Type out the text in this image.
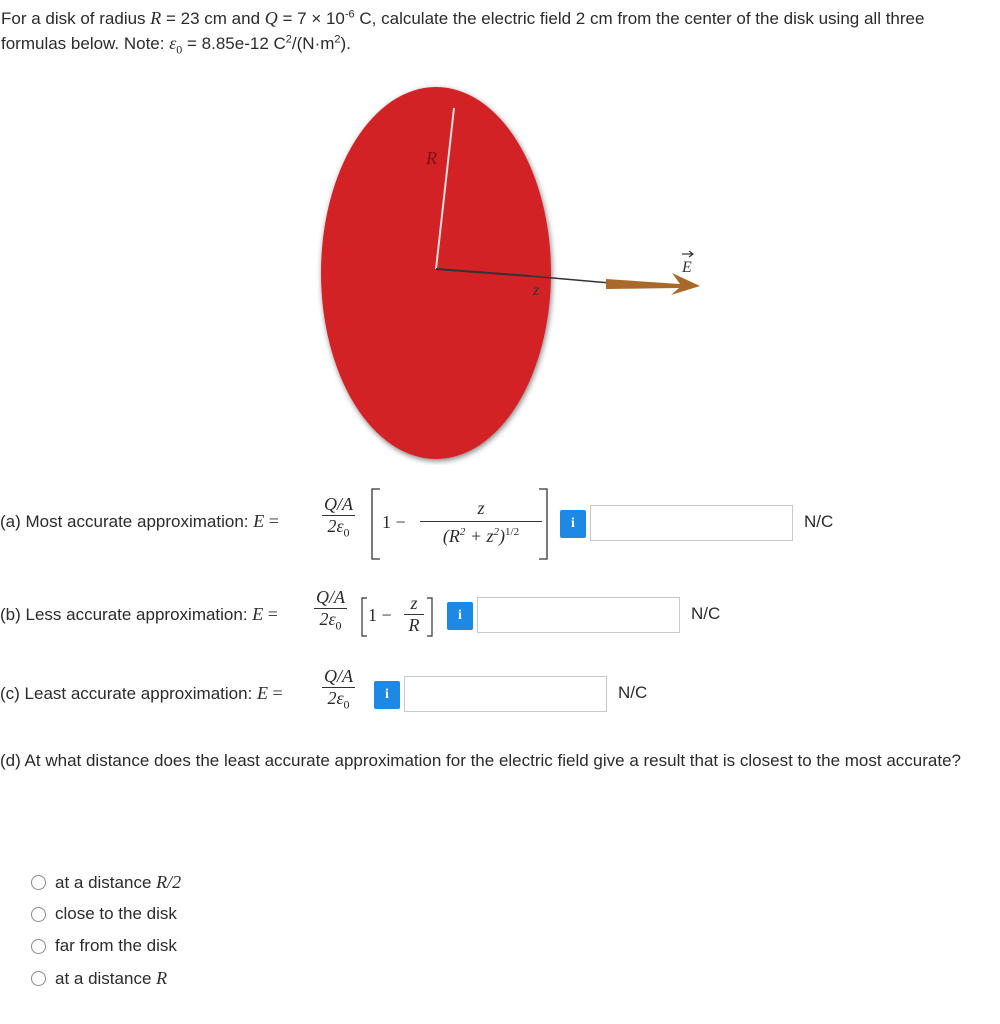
For a disk of radius R = 23 cm and $Q = 7 \times 10^{-6}$ C, calculate the electric field 2 cm from the center of the disk using all three formulas below. Note: $\varepsilon_0 = 8.85e-12$ $C^2/(N\cdot m^2)$.
R
z
E
(a) Most accurate approximation: $E = \frac{Q/A}{2\varepsilon_0} 1 - \frac{z}{(R^2 + z^2)^{1/2}}$	i	N/C
(b) Less accurate approximation: $E = \frac{Q/A}{2\varepsilon_0} 1 - \frac{z}{R}$	i	N/C
(c) Least accurate approximation: $E = \frac{Q/A}{2\varepsilon_0}$	i	N/C
(d) At what distance does the least accurate approximation for the electric field give a result that is closest to the most accurate?
at a distance R/2
close to the disk
far from the disk
at a distance R
